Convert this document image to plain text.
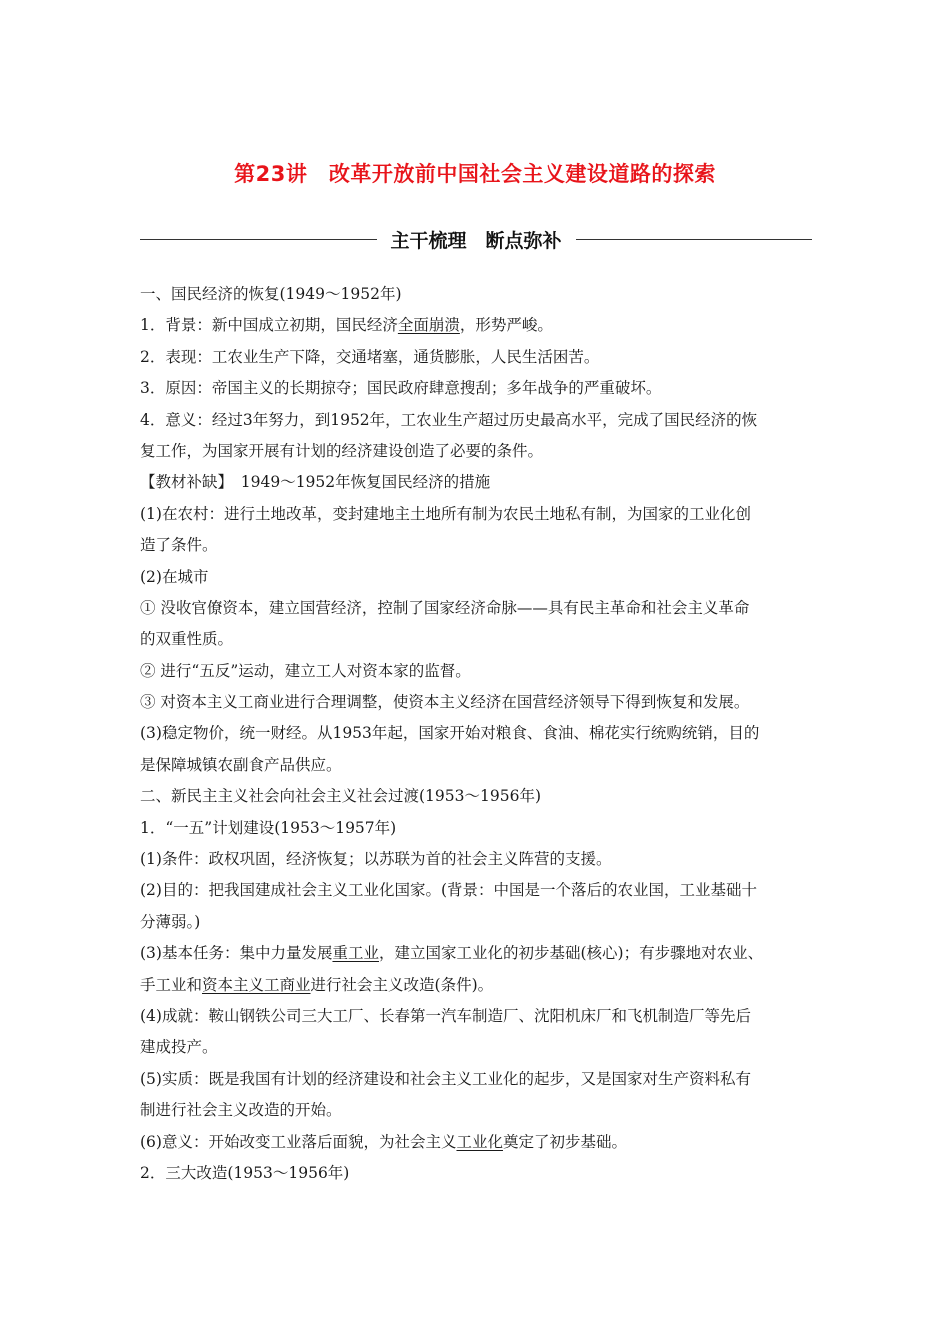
第23讲　改革开放前中国社会主义建设道路的探索
主干梳理　断点弥补
一、国民经济的恢复(1949～1952年)
1．背景：新中国成立初期，国民经济全面崩溃，形势严峻。
2．表现：工农业生产下降，交通堵塞，通货膨胀，人民生活困苦。
3．原因：帝国主义的长期掠夺；国民政府肆意搜刮；多年战争的严重破坏。
4．意义：经过3年努力，到1952年，工农业生产超过历史最高水平，完成了国民经济的恢
复工作，为国家开展有计划的经济建设创造了必要的条件。
【教材补缺】　1949～1952年恢复国民经济的措施
(1)在农村：进行土地改革，变封建地主土地所有制为农民土地私有制，为国家的工业化创
造了条件。
(2)在城市
① 没收官僚资本，建立国营经济，控制了国家经济命脉——具有民主革命和社会主义革命
的双重性质。
② 进行“五反”运动，建立工人对资本家的监督。
③ 对资本主义工商业进行合理调整，使资本主义经济在国营经济领导下得到恢复和发展。
(3)稳定物价，统一财经。从1953年起，国家开始对粮食、食油、棉花实行统购统销，目的
是保障城镇农副食产品供应。
二、新民主主义社会向社会主义社会过渡(1953～1956年)
1．“一五”计划建设(1953～1957年)
(1)条件：政权巩固，经济恢复；以苏联为首的社会主义阵营的支援。
(2)目的：把我国建成社会主义工业化国家。(背景：中国是一个落后的农业国，工业基础十
分薄弱。)
(3)基本任务：集中力量发展重工业，建立国家工业化的初步基础(核心)；有步骤地对农业、
手工业和资本主义工商业进行社会主义改造(条件)。
(4)成就：鞍山钢铁公司三大工厂、长春第一汽车制造厂、沈阳机床厂和飞机制造厂等先后
建成投产。
(5)实质：既是我国有计划的经济建设和社会主义工业化的起步，又是国家对生产资料私有
制进行社会主义改造的开始。
(6)意义：开始改变工业落后面貌，为社会主义工业化奠定了初步基础。
2．三大改造(1953～1956年)
